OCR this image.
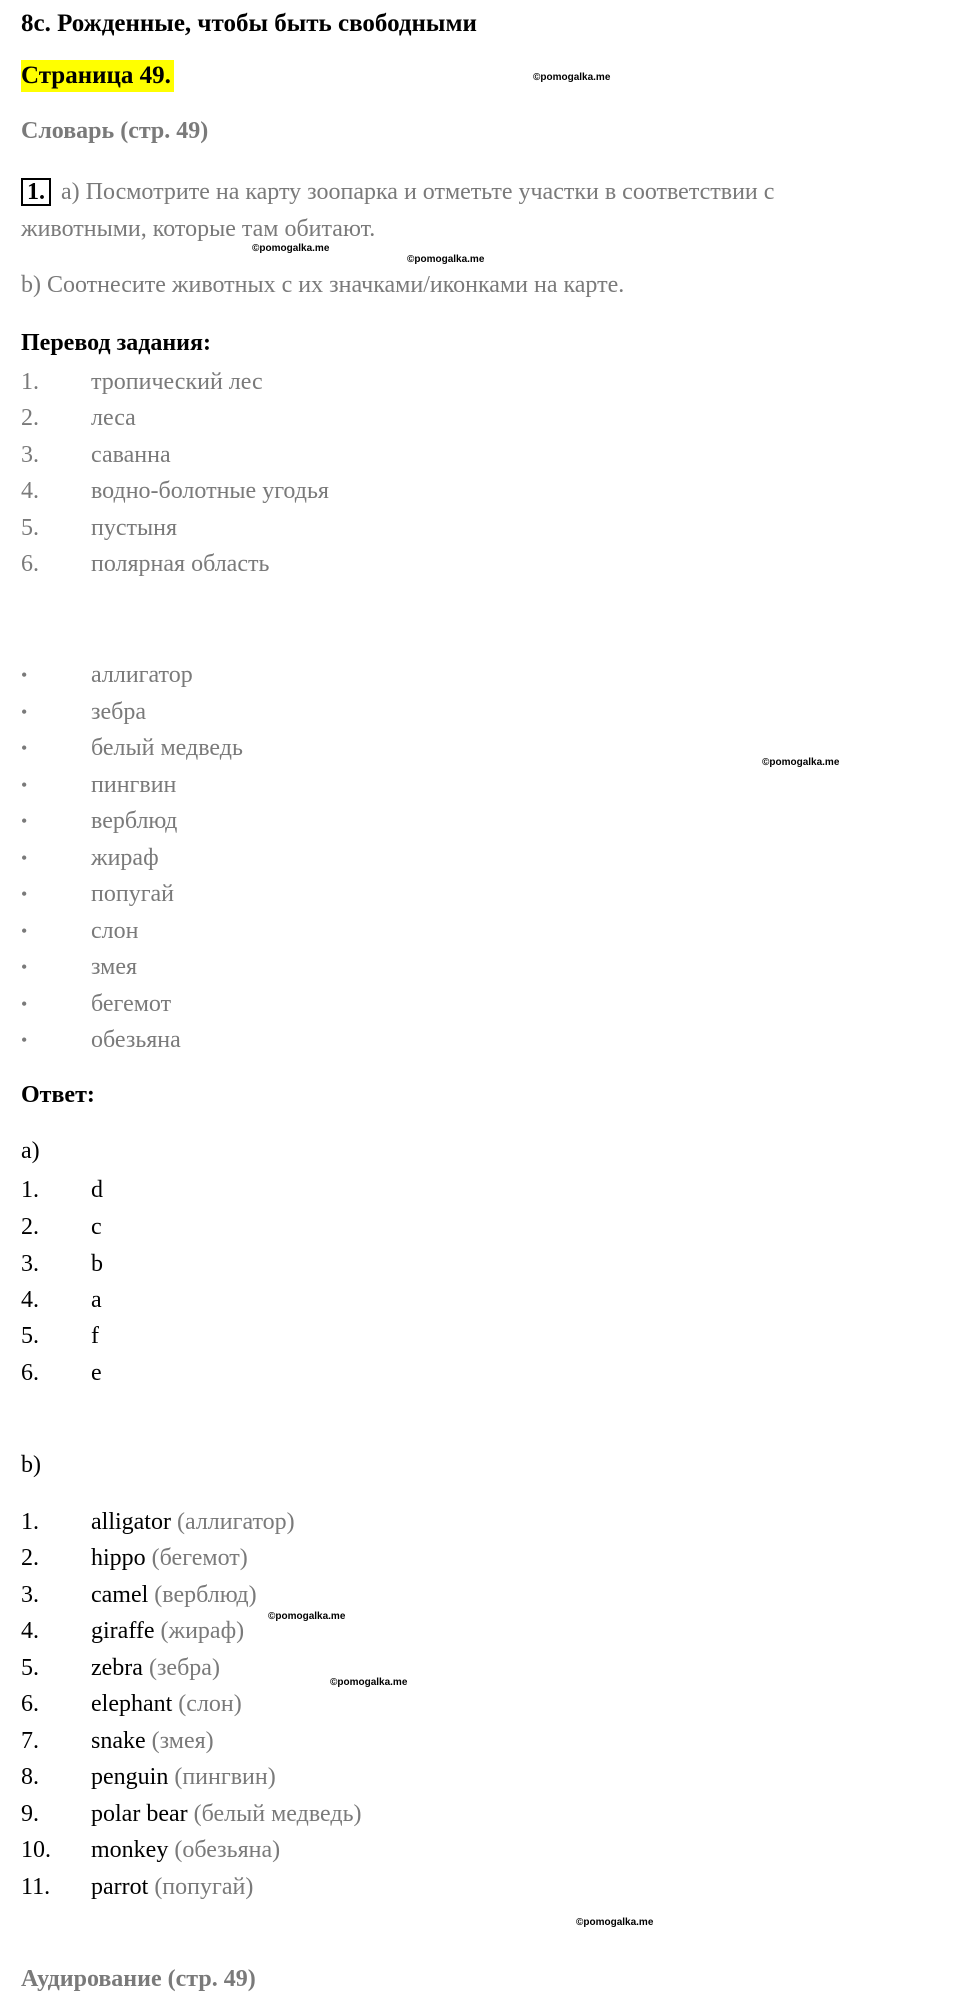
8с. Рожденные, чтобы быть свободными
Страница 49.	©pomogalka.me
Словарь (стр. 49)
1. a) Посмотрите на карту зоопарка и отметьте участки в соответствии с
©pomogalka.me
животными, которые там обитают.
©pomogalka.me
b) Соотнесите животных с их значками/иконками на карте.
Перевод задания:
1.	тропический лес
2.	леса
3.	саванна
4.	водно-болотные угодья
5.	пустыня
6.	полярная область
•	аллигатор
•	зебра
•	белый медведь
•	пингвин
•	верблюд
•	жираф
•	попугай
•	слон
•	змея
•	бегемот
•	обезьяна
©pomogalka.me
Ответ:
a)
1.	d
2.	c
3.	b
4.	a
5.	f
6.	e
b)
1.	alligator
(аллигатор)
2.	hippo
(бегемот)
3.	camel
(верблюд)
4.	giraffe
(жираф)
5.	zebra
(зебра)
6.	elephant
(слон)
7.	snake
(змея)
8.	penguin
(пингвин)
9.	polar bear
(белый медведь)
10.	monkey
(обезьяна)
11.	parrot
(попугай)
©pomogalka.me
©pomogalka.me
©pomogalka.me
Аудирование (стр. 49)
